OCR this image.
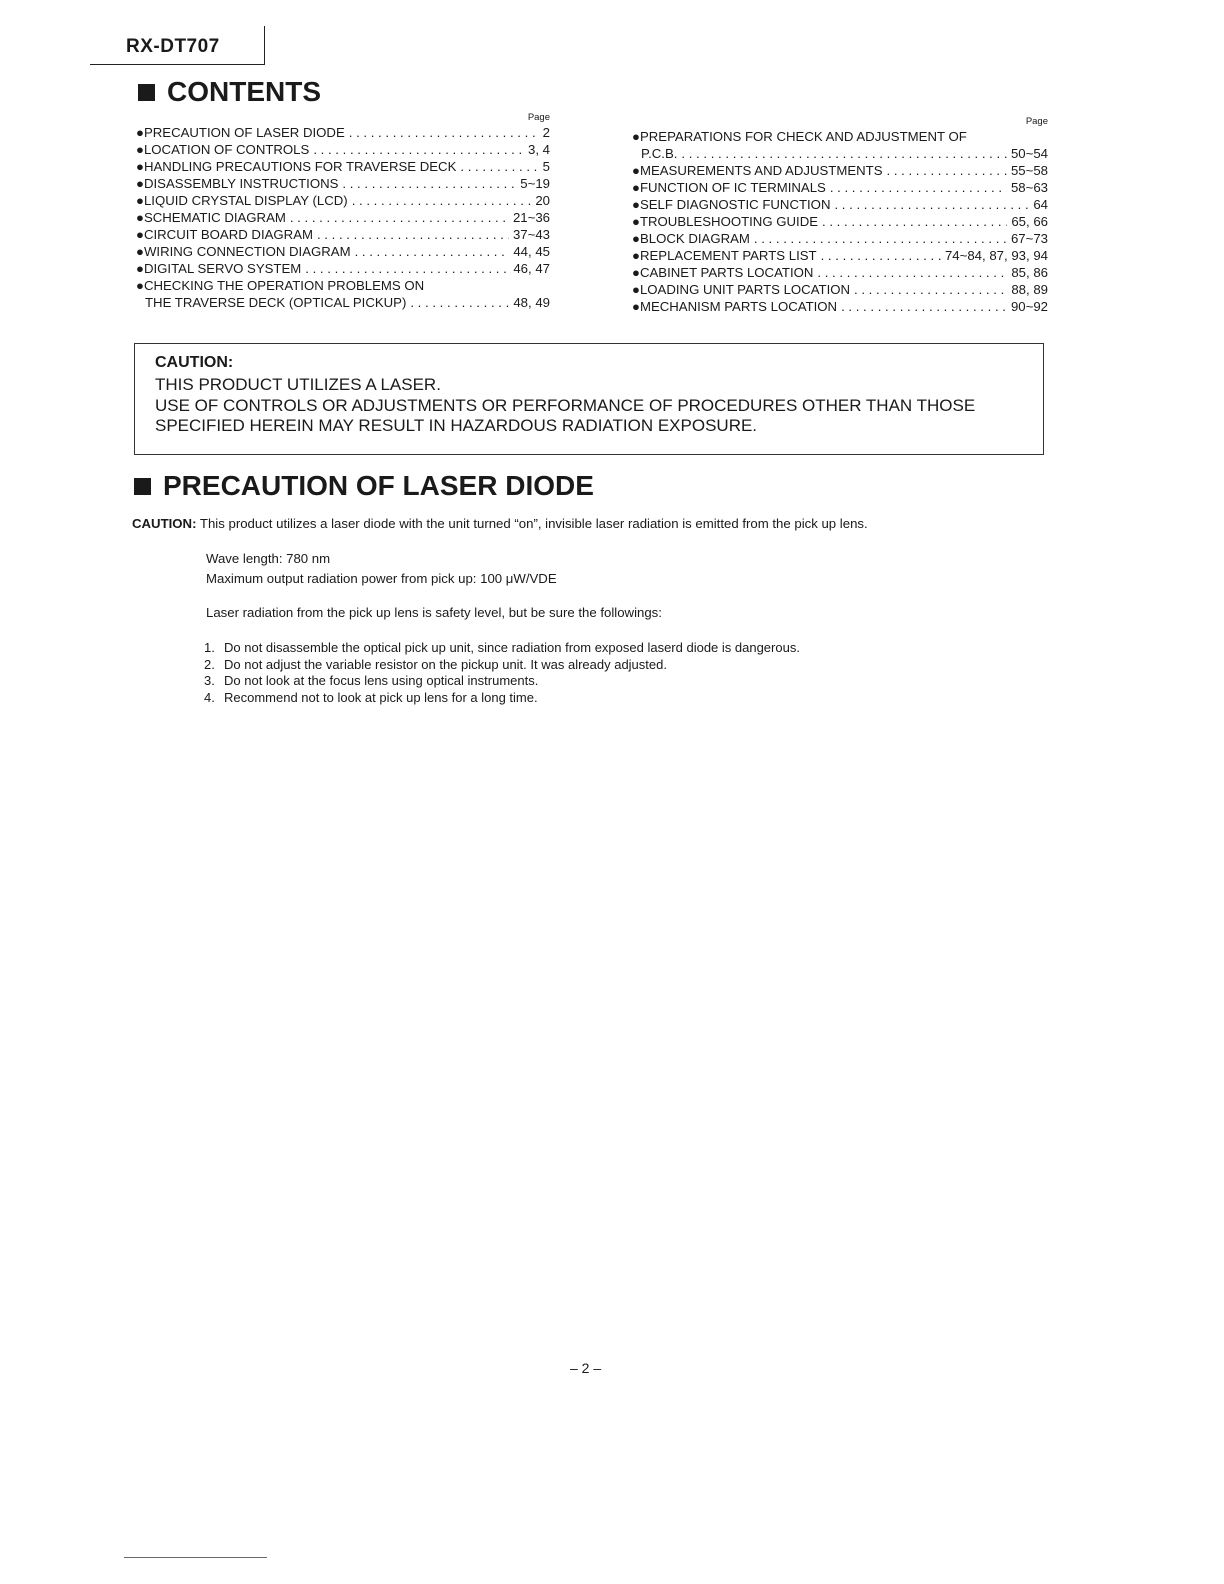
RX-DT707
CONTENTS
Page
●PRECAUTION OF LASER DIODE . . .	2
●LOCATION OF CONTROLS . . .	3, 4
●HANDLING PRECAUTIONS FOR TRAVERSE DECK . . .	5
●DISASSEMBLY INSTRUCTIONS . . .	5~19
●LIQUID CRYSTAL DISPLAY (LCD) . . .	20
●SCHEMATIC DIAGRAM . . .	21~36
●CIRCUIT BOARD DIAGRAM . . .	37~43
●WIRING CONNECTION DIAGRAM . . .	44, 45
●DIGITAL SERVO SYSTEM . . .	46, 47
●CHECKING THE OPERATION PROBLEMS ON
THE TRAVERSE DECK (OPTICAL PICKUP) . . .	48, 49
Page
●PREPARATIONS FOR CHECK AND ADJUSTMENT OF
P.C.B. . . .	50~54
●MEASUREMENTS AND ADJUSTMENTS . . .	55~58
●FUNCTION OF IC TERMINALS . . .	58~63
●SELF DIAGNOSTIC FUNCTION . . .	64
●TROUBLESHOOTING GUIDE . . .	65, 66
●BLOCK DIAGRAM . . .	67~73
●REPLACEMENT PARTS LIST . . .	74~84, 87, 93, 94
●CABINET PARTS LOCATION . . .	85, 86
●LOADING UNIT PARTS LOCATION . . .	88, 89
●MECHANISM PARTS LOCATION . . .	90~92
CAUTION:
THIS PRODUCT UTILIZES A LASER.
USE OF CONTROLS OR ADJUSTMENTS OR PERFORMANCE OF PROCEDURES OTHER THAN THOSE
SPECIFIED HEREIN MAY RESULT IN HAZARDOUS RADIATION EXPOSURE.
PRECAUTION OF LASER DIODE
CAUTION: This product utilizes a laser diode with the unit turned “on”, invisible laser radiation is emitted from the pick up lens.
Wave length: 780 nm
Maximum output radiation power from pick up: 100 μW/VDE
Laser radiation from the pick up lens is safety level, but be sure the followings:
1. Do not disassemble the optical pick up unit, since radiation from exposed laserd diode is dangerous.
2. Do not adjust the variable resistor on the pickup unit. It was already adjusted.
3. Do not look at the focus lens using optical instruments.
4. Recommend not to look at pick up lens for a long time.
– 2 –
